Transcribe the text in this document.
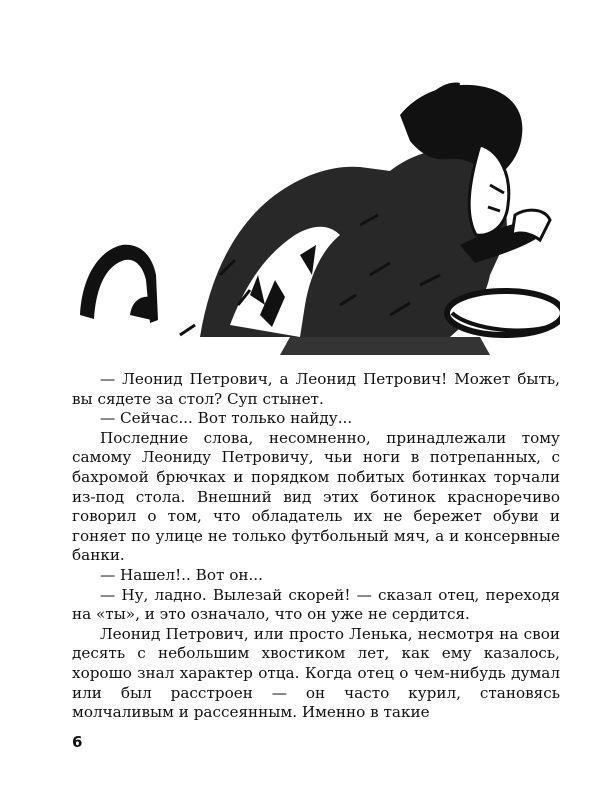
— Леонид Петрович, а Леонид Петрович! Может быть, вы сядете за стол? Суп стынет.

— Сейчас... Вот только найду...

Последние слова, несомненно, принадлежали тому самому Леониду Петровичу, чьи ноги в потрепанных, с бахромой брючках и порядком побитых ботинках торчали из-под стола. Внешний вид этих ботинок красноречиво говорил о том, что обладатель их не бережет обуви и гоняет по улице не только футбольный мяч, а и консервные банки.

— Нашел!.. Вот он...

— Ну, ладно. Вылезай скорей! — сказал отец, переходя на «ты», и это означало, что он уже не сердится.

Леонид Петрович, или просто Ленька, несмотря на свои десять с небольшим хвостиком лет, как ему казалось, хорошо знал характер отца. Когда отец о чем-нибудь думал или был расстроен — он часто курил, становясь молчаливым и рассеянным. Именно в такие

6
